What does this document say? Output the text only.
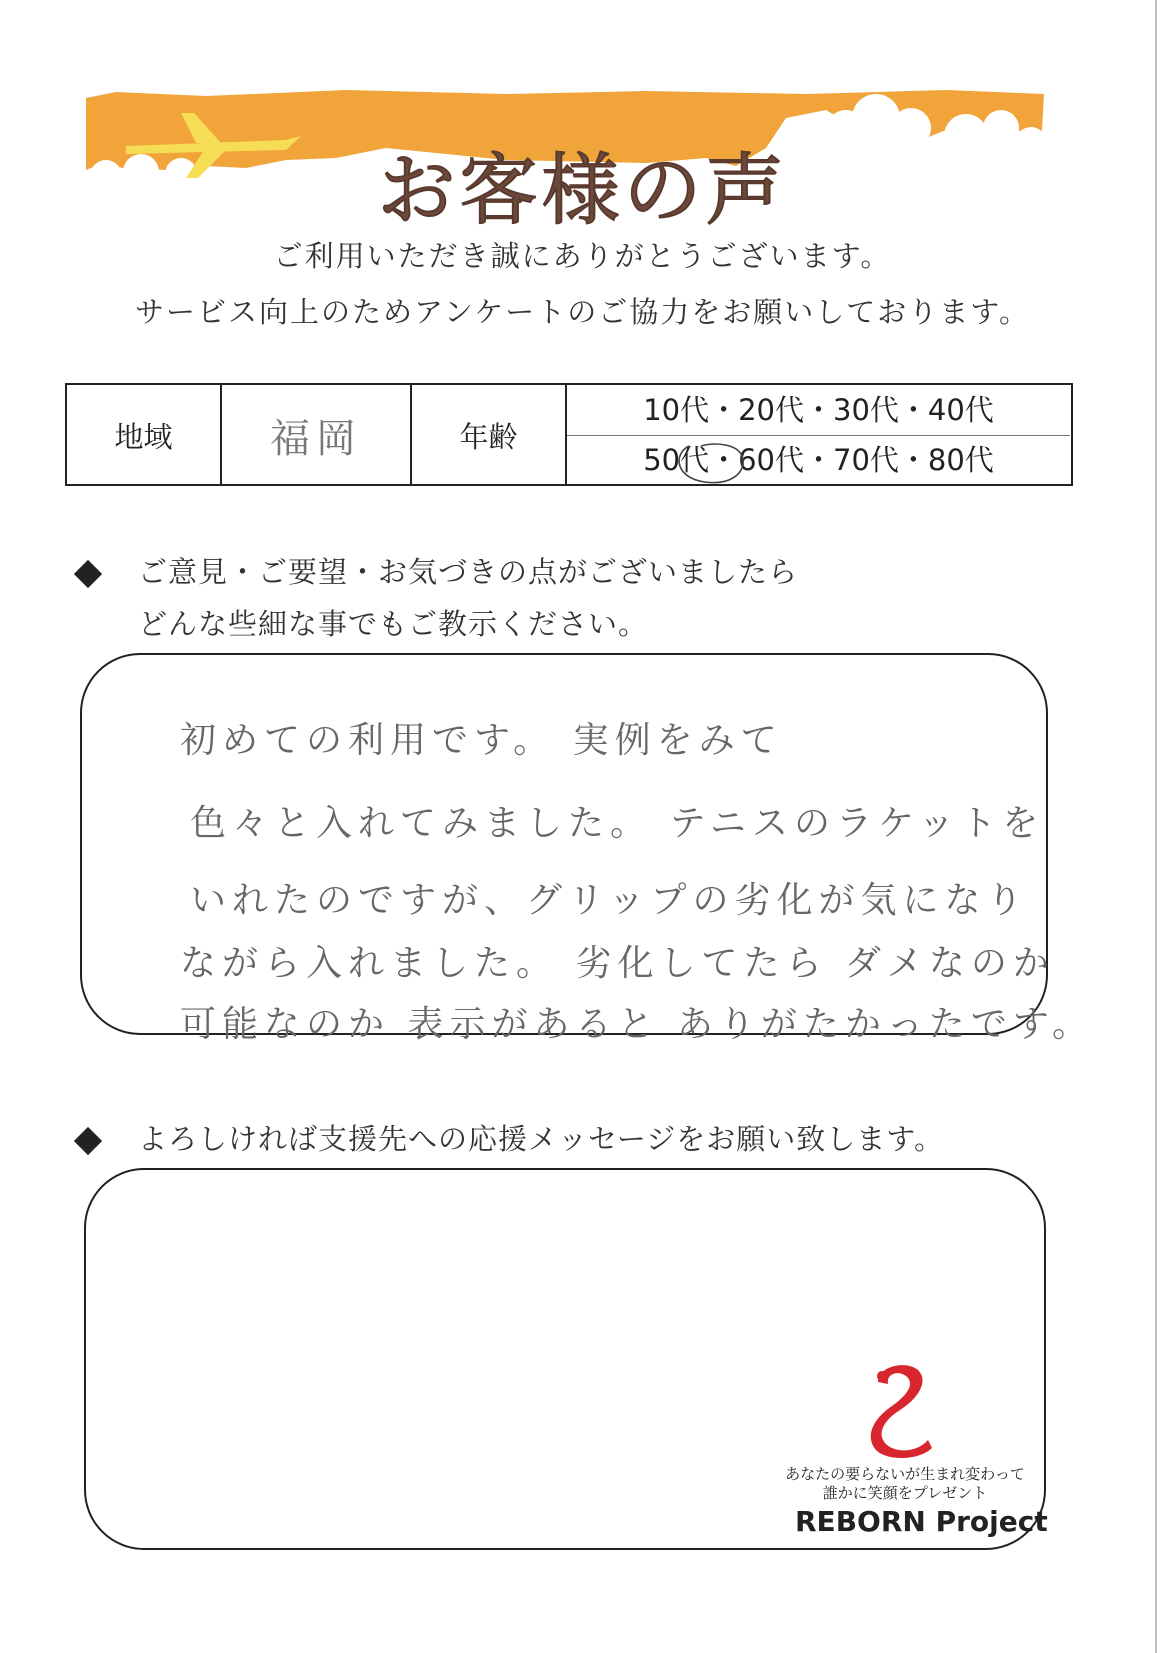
お客様の声
ご利用いただき誠にありがとうございます。
サービス向上のためアンケートのご協力をお願いしております。
地域	福岡	年齢
10代・20代・30代・40代
50代・60代・70代・80代
ご意見・ご要望・お気づきの点がございましたら
どんな些細な事でもご教示ください。
初めての利用です。 実例をみて
色々と入れてみました。 テニスのラケットを
いれたのですが、グリップの劣化が気になり
ながら入れました。 劣化してたら ダメなのか
可能なのか 表示があると ありがたかったです。
よろしければ支援先への応援メッセージをお願い致します。
あなたの要らないが生まれ変わって
誰かに笑顔をプレゼント
REBORN Project
